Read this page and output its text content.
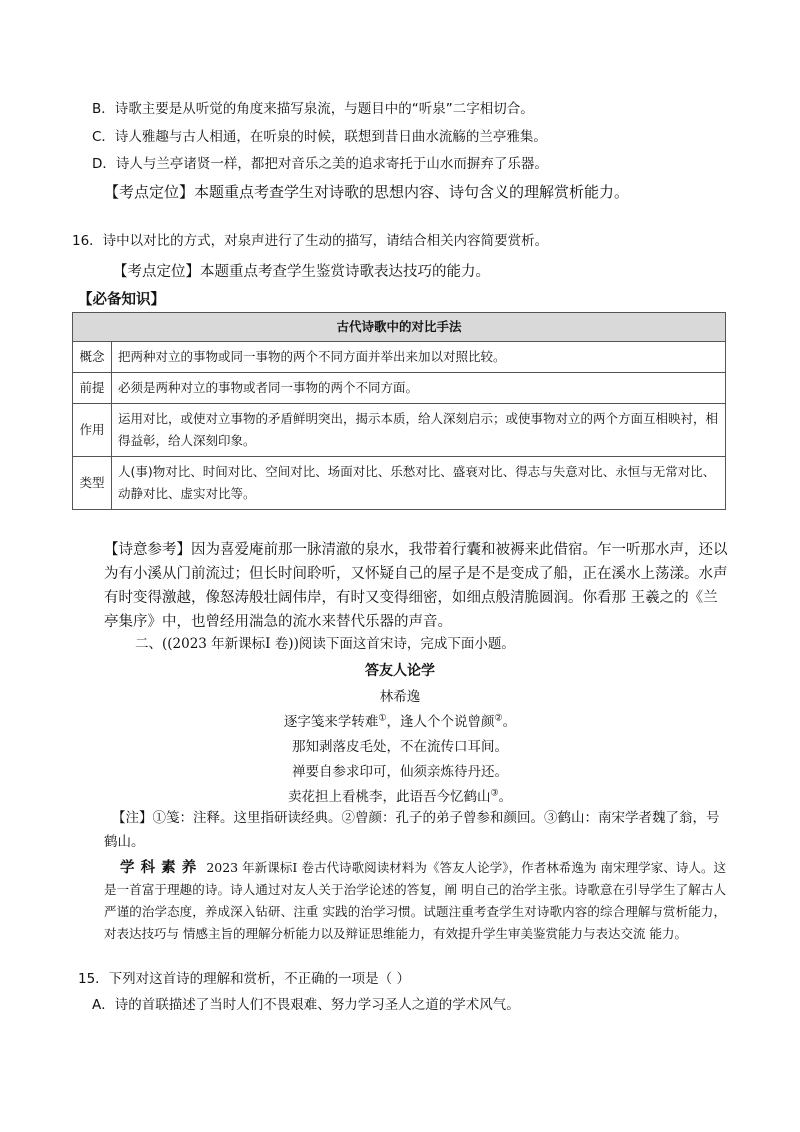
B．诗歌主要是从听觉的角度来描写泉流，与题目中的“听泉”二字相切合。
C．诗人雅趣与古人相通，在听泉的时候，联想到昔日曲水流觞的兰亭雅集。
D．诗人与兰亭诸贤一样，都把对音乐之美的追求寄托于山水而摒弃了乐器。
【考点定位】本题重点考查学生对诗歌的思想内容、诗句含义的理解赏析能力。
16．诗中以对比的方式，对泉声进行了生动的描写，请结合相关内容简要赏析。
【考点定位】本题重点考查学生鉴赏诗歌表达技巧的能力。
【必备知识】
古代诗歌中的对比手法	
概念	把两种对立的事物或同一事物的两个不同方面并举出来加以对照比较。
前提	必须是两种对立的事物或者同一事物的两个不同方面。
作用	运用对比，或使对立事物的矛盾鲜明突出，揭示本质，给人深刻启示；或使事物对立的两个方面互相映衬，相得益彰，给人深刻印象。
类型	人(事)物对比、时间对比、空间对比、场面对比、乐愁对比、盛衰对比、得志与失意对比、永恒与无常对比、动静对比、虚实对比等。
【诗意参考】因为喜爱庵前那一脉清澈的泉水，我带着行囊和被褥来此借宿。乍一听那水声，还以为有小溪从门前流过；但长时间聆听，又怀疑自己的屋子是不是变成了船，正在溪水上荡漾。水声有时变得激越，像怒涛般壮阔伟岸，有时又变得细密，如细点般清脆圆润。你看那 王羲之的《兰亭集序》中，也曾经用湍急的流水来替代乐器的声音。
二、((2023 年新课标Ⅰ 卷))阅读下面这首宋诗，完成下面小题。
答友人论学
林希逸
逐字笺来学转难①，逢人个个说曾颜②。
那知剥落皮毛处，不在流传口耳间。
禅要自参求印可，仙须亲炼待丹还。
卖花担上看桃李，此语吾今忆鹤山③。
【注】①笺：注释。这里指研读经典。②曾颜：孔子的弟子曾参和颜回。③鹤山：南宋学者魏了翁，号鹤山。
学科素养 2023 年新课标Ⅰ 卷古代诗歌阅读材料为《答友人论学》，作者林希逸为 南宋理学家、诗人。这是一首富于理趣的诗。诗人通过对友人关于治学论述的答复，阐 明自己的治学主张。诗歌意在引导学生了解古人严谨的治学态度，养成深入钻研、注重 实践的治学习惯。试题注重考查学生对诗歌内容的综合理解与赏析能力，对表达技巧与 情感主旨的理解分析能力以及辩证思维能力，有效提升学生审美鉴赏能力与表达交流 能力。
15．下列对这首诗的理解和赏析，不正确的一项是（ ）
A．诗的首联描述了当时人们不畏艰难、努力学习圣人之道的学术风气。
